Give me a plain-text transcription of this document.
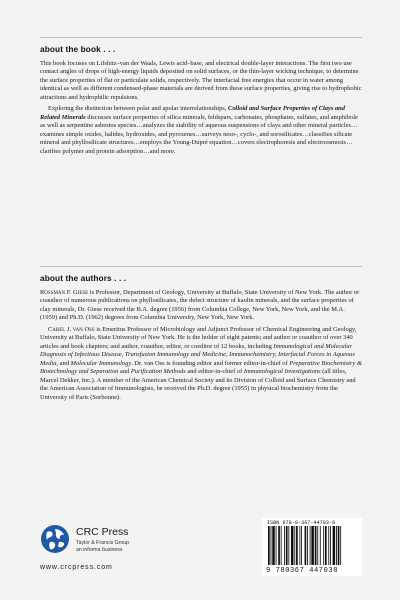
about the book . . .

This book focuses on Lifshitz–van der Waals, Lewis acid–base, and electrical double-layer interactions. The first two use contact angles of drops of high-energy liquids deposited on solid surfaces, or the thin-layer wicking technique, to determine the surface properties of flat or particulate solids, respectively. The interfacial free energies that occur in water among identical as well as different condensed-phase materials are derived from these surface properties, giving rise to hydrophobic attractions and hydrophilic repulsions.

Exploring the distinction between polar and apolar interrelationships, Colloid and Surface Properties of Clays and Related Minerals discusses surface properties of silica minerals, feldspars, carbonates, phosphates, sulfates, and amphibole as well as serpentine asbestos species…analyzes the stability of aqueous suspensions of clays and other mineral particles…examines simple oxides, halides, hydroxides, and pyroxenes…surveys neso-, cyclo-, and sorosilicates…classifies silicate mineral and phyllosilicate structures…employs the Young-Dupré equation…covers electrophoresis and electroosmosis…clarifies polymer and protein adsorption…and more.

about the authors . . .

Rossman F. Giese is Professor, Department of Geology, University at Buffalo, State University of New York. The author or coauthor of numerous publications on phyllosilicates, the defect structure of kaolin minerals, and the surface properties of clay minerals, Dr. Giese received the B.A. degree (1956) from Columbia College, New York, New York, and the M.A. (1959) and Ph.D. (1962) degrees from Columbia University, New York, New York.

Carel J. van Oss is Emeritus Professor of Microbiology and Adjunct Professor of Chemical Engineering and Geology, University at Buffalo, State University of New York. He is the holder of eight patents; and author or coauthor of over 340 articles and book chapters; and author, coauthor, editor, or coeditor of 12 books, including Immunological and Molecular Diagnosis of Infectious Disease, Transfusion Immunology and Medicine, Immunochemistry, Interfacial Forces in Aqueous Media, and Molecular Immunology. Dr. van Oss is founding editor and former editor-in-chief of Preparative Biochemistry & Biotechnology and Separation and Purification Methods and editor-in-chief of Immunological Investigations (all titles, Marcel Dekker, Inc.). A member of the American Chemical Society and its Division of Colloid and Surface Chemistry and the American Association of Immunologists, he received the Ph.D. degree (1955) in physical biochemistry from the University of Paris (Sorbonne).

CRC Press
Taylor & Francis Group
an informa business
www.crcpress.com
ISBN 978-0-367-44703-8
9 780367 447038
